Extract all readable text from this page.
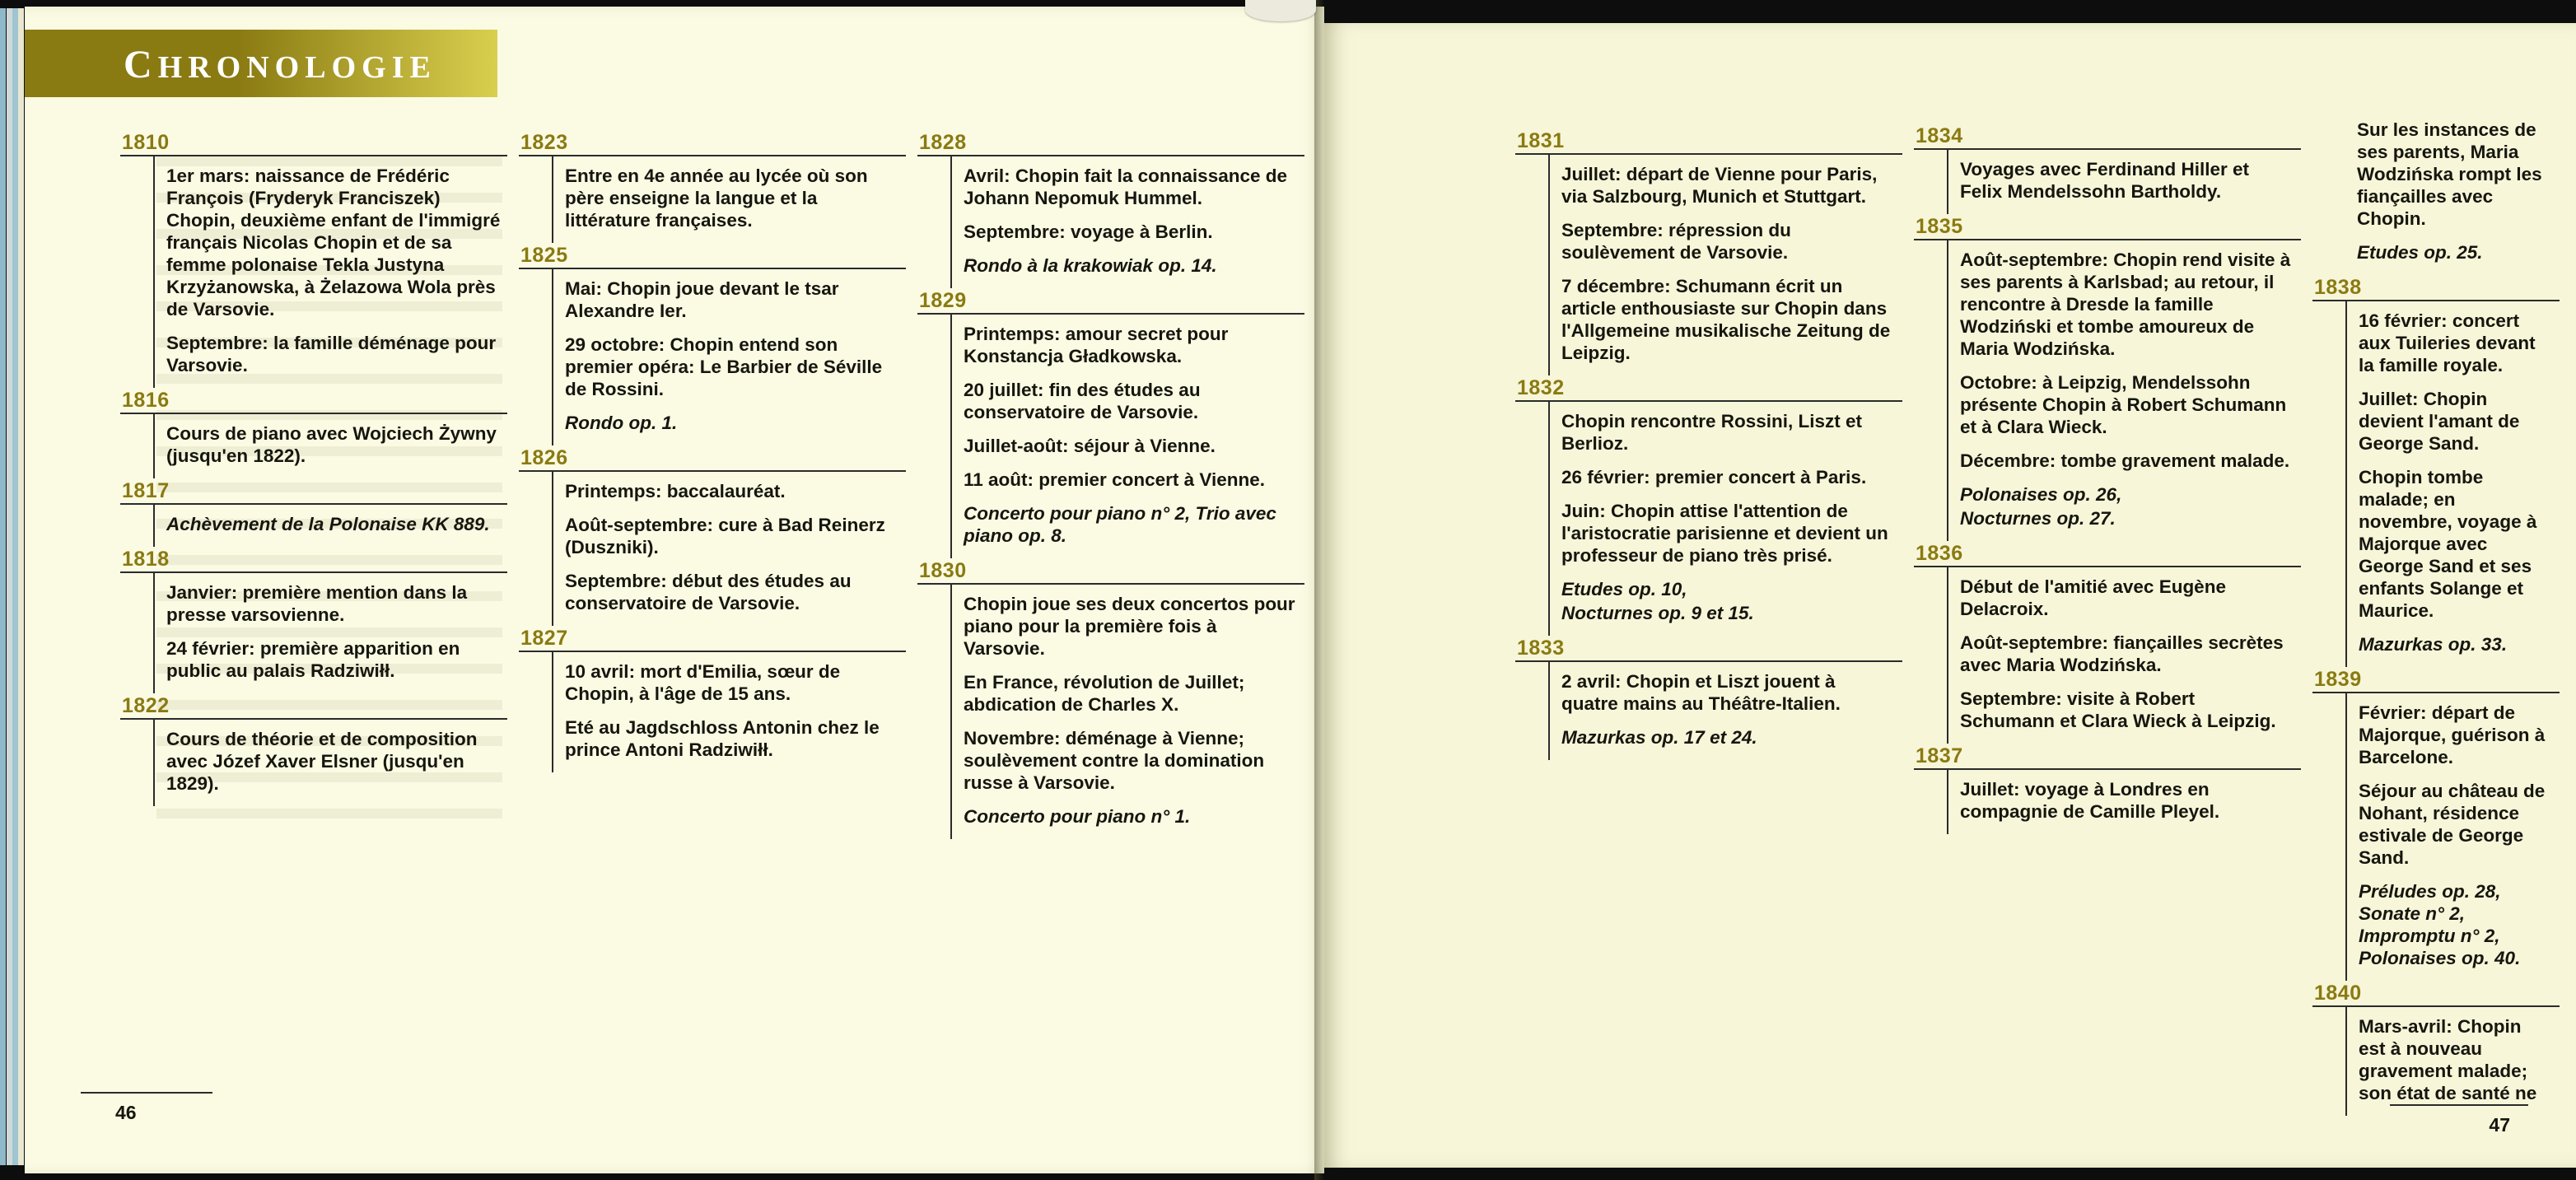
CHRONOLOGIE
1810

1er mars: naissance de Frédéric François (Fryderyk Franciszek) Chopin, deuxième enfant de l'immigré français Nicolas Chopin et de sa femme polonaise Tekla Justyna Krzyżanowska, à Żelazowa Wola près de Varsovie.

Septembre: la famille déménage pour Varsovie.

1816

Cours de piano avec Wojciech Żywny (jusqu'en 1822).

1817

Achèvement de la Polonaise KK 889.

1818

Janvier: première mention dans la presse varsovienne.

24 février: première apparition en public au palais Radziwiłł.

1822

Cours de théorie et de composition avec Józef Xaver Elsner (jusqu'en 1829).

1823

Entre en 4e année au lycée où son père enseigne la langue et la littérature françaises.

1825

Mai: Chopin joue devant le tsar Alexandre Ier.

29 octobre: Chopin entend son premier opéra: Le Barbier de Séville de Rossini.

Rondo op. 1.

1826

Printemps: baccalauréat.

Août-septembre: cure à Bad Reinerz (Duszniki).

Septembre: début des études au conservatoire de Varsovie.

1827

10 avril: mort d'Emilia, sœur de Chopin, à l'âge de 15 ans.

Eté au Jagdschloss Antonin chez le prince Antoni Radziwiłł.

1828

Avril: Chopin fait la connaissance de Johann Nepomuk Hummel.

Septembre: voyage à Berlin.

Rondo à la krakowiak op. 14.

1829

Printemps: amour secret pour Konstancja Gładkowska.

20 juillet: fin des études au conservatoire de Varsovie.

Juillet-août: séjour à Vienne.

11 août: premier concert à Vienne.

Concerto pour piano n° 2, Trio avec piano op. 8.

1830

Chopin joue ses deux concertos pour piano pour la première fois à Varsovie.

En France, révolution de Juillet; abdication de Charles X.

Novembre: déménage à Vienne; soulèvement contre la domination russe à Varsovie.

Concerto pour piano n° 1.

46
1831

Juillet: départ de Vienne pour Paris, via Salzbourg, Munich et Stuttgart.

Septembre: répression du soulèvement de Varsovie.

7 décembre: Schumann écrit un article enthousiaste sur Chopin dans l'Allgemeine musikalische Zeitung de Leipzig.

1832

Chopin rencontre Rossini, Liszt et Berlioz.

26 février: premier concert à Paris.

Juin: Chopin attise l'attention de l'aristocratie parisienne et devient un professeur de piano très prisé.

Etudes op. 10,

Nocturnes op. 9 et 15.

1833

2 avril: Chopin et Liszt jouent à quatre mains au Théâtre-Italien.

Mazurkas op. 17 et 24.

1834

Voyages avec Ferdinand Hiller et Felix Mendelssohn Bartholdy.

1835

Août-septembre: Chopin rend visite à ses parents à Karlsbad; au retour, il rencontre à Dresde la famille Wodziński et tombe amoureux de Maria Wodzińska.

Octobre: à Leipzig, Mendelssohn présente Chopin à Robert Schumann et à Clara Wieck.

Décembre: tombe gravement malade.

Polonaises op. 26,

Nocturnes op. 27.

1836

Début de l'amitié avec Eugène Delacroix.

Août-septembre: fiançailles secrètes avec Maria Wodzińska.

Septembre: visite à Robert Schumann et Clara Wieck à Leipzig.

1837

Juillet: voyage à Londres en compagnie de Camille Pleyel.

Sur les instances de ses parents, Maria Wodzińska rompt les fiançailles avec Chopin.

Etudes op. 25.

1838

16 février: concert aux Tuileries devant la famille royale.

Juillet: Chopin devient l'amant de George Sand.

Chopin tombe malade; en novembre, voyage à Majorque avec George Sand et ses enfants Solange et Maurice.

Mazurkas op. 33.

1839

Février: départ de Majorque, guérison à Barcelone.

Séjour au château de Nohant, résidence estivale de George Sand.

Préludes op. 28, Sonate n° 2, Impromptu n° 2, Polonaises op. 40.

1840

Mars-avril: Chopin est à nouveau gravement malade; son état de santé ne

47
